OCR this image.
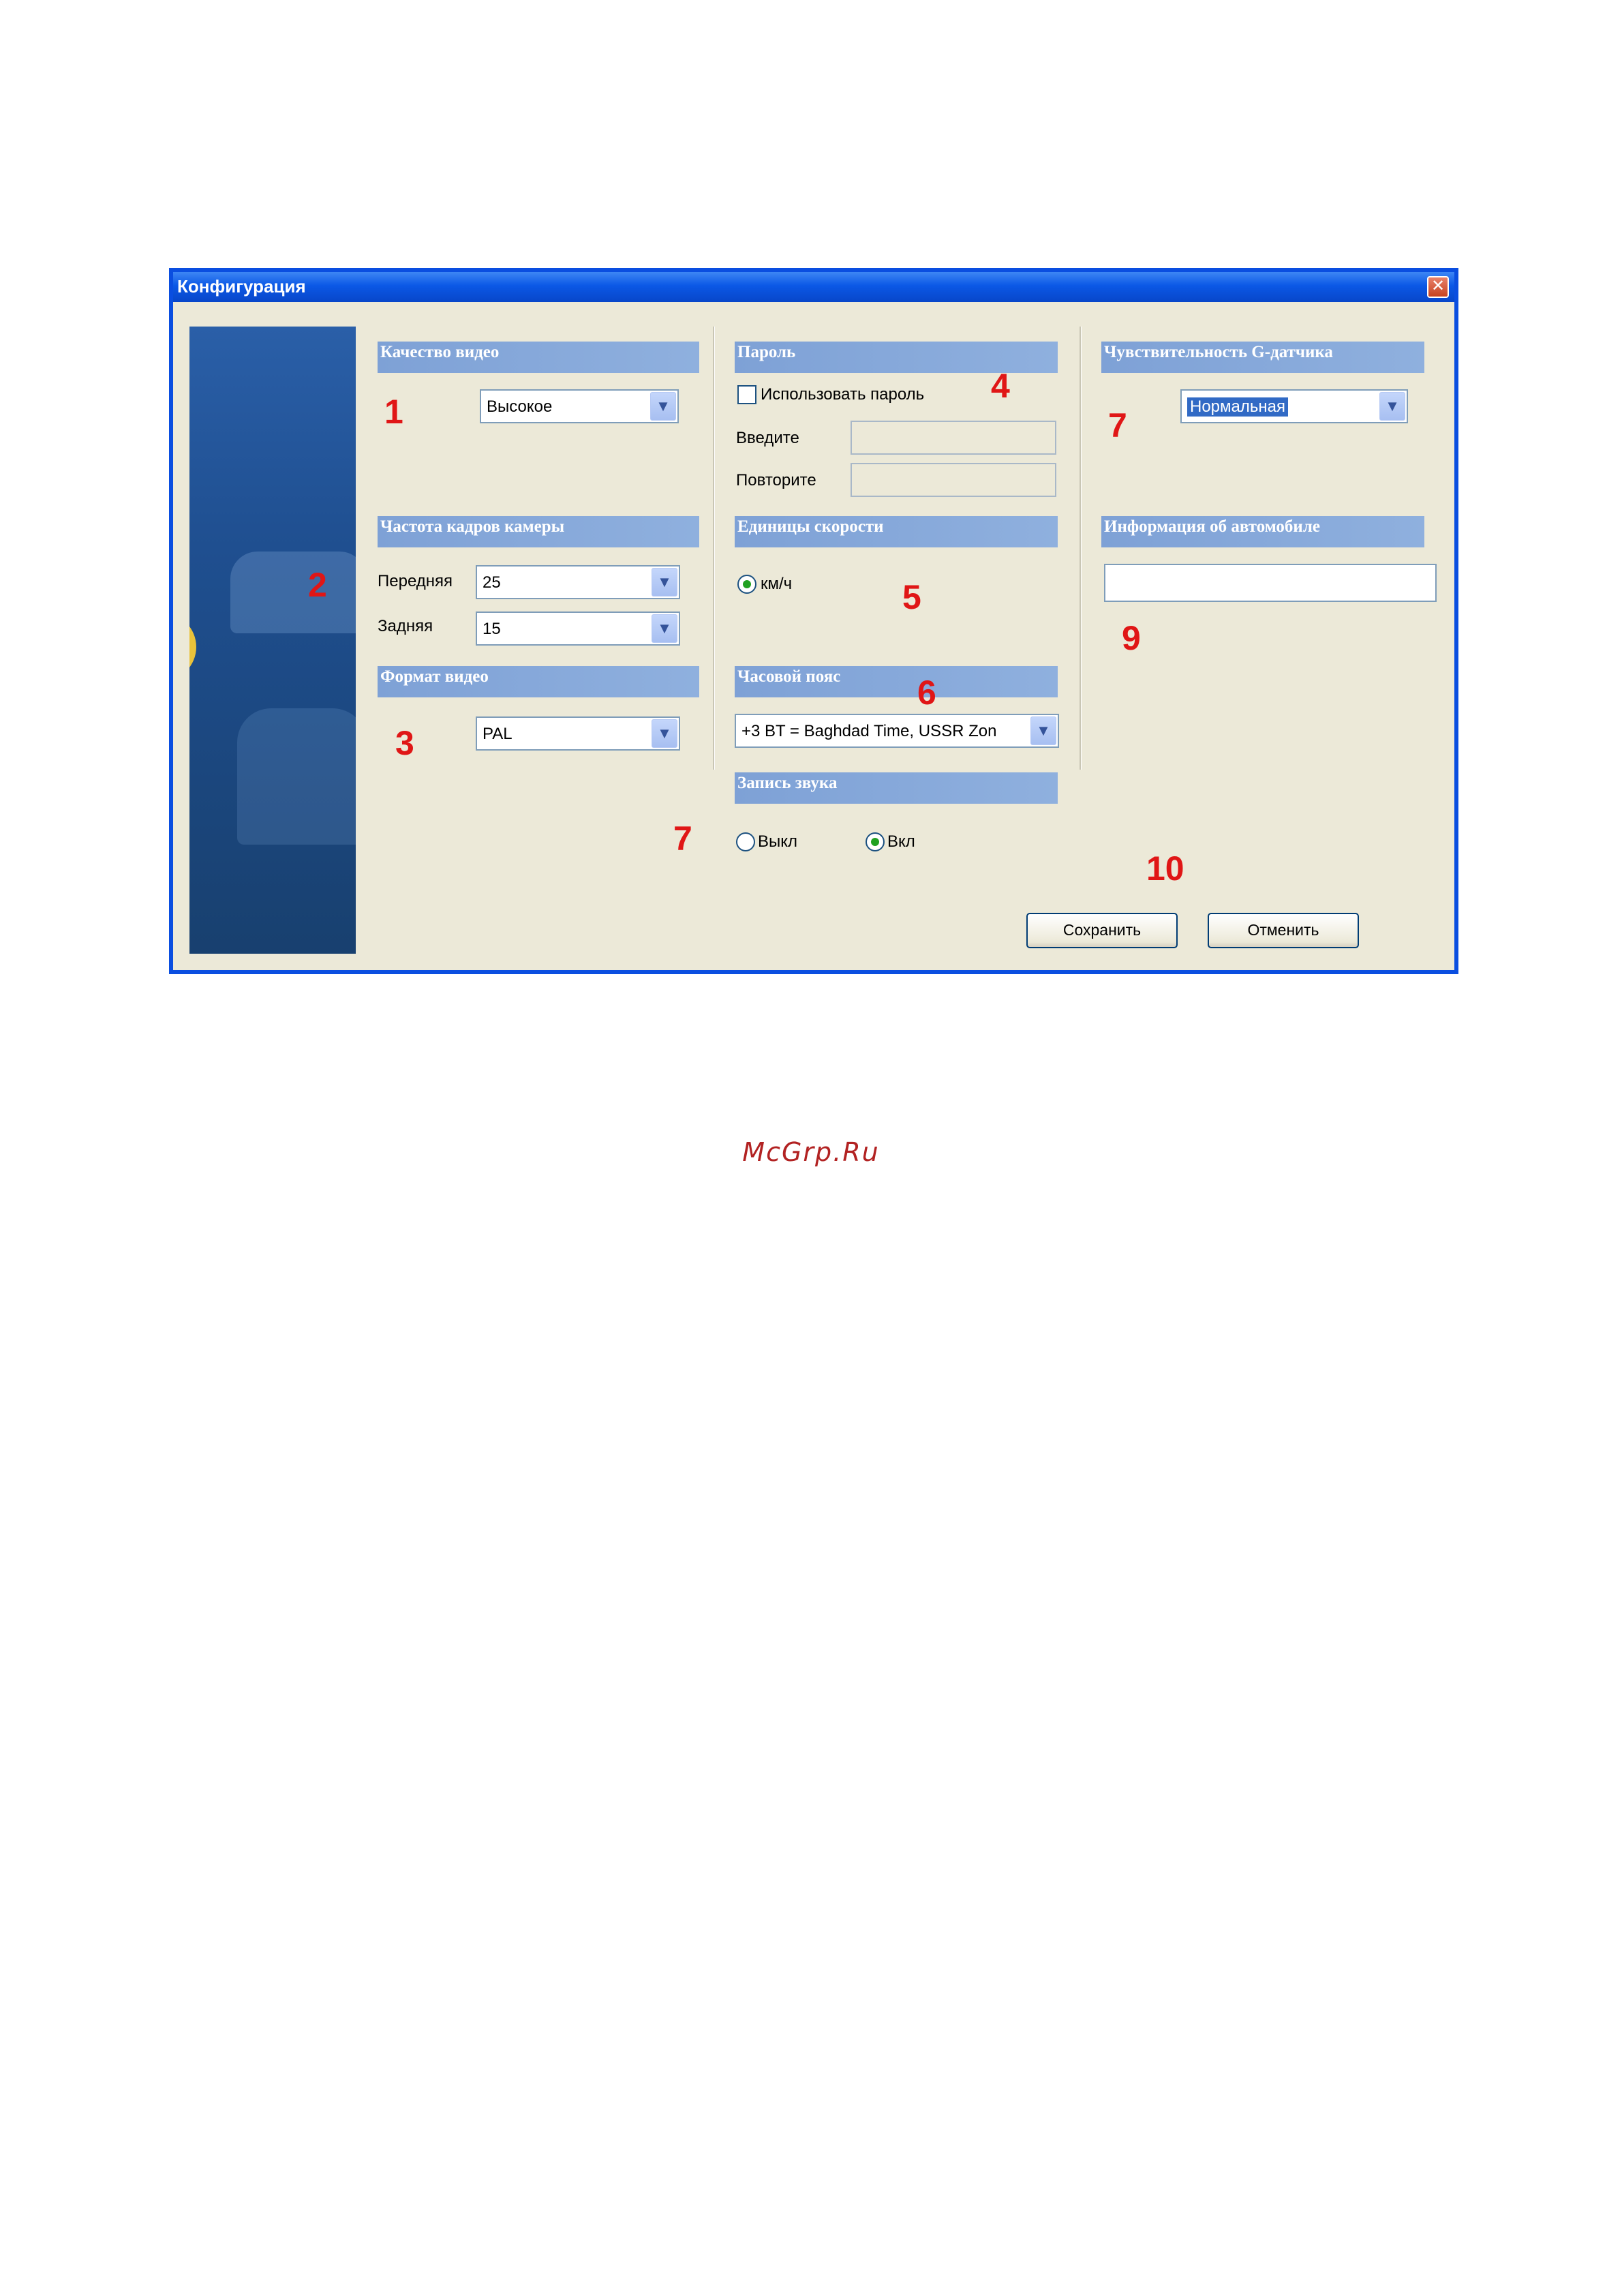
Конфигурация	✕
Качество видео
1	Высокое	▼
Частота кадров камеры
2	Передняя	25	▼
Задняя	15	▼
Формат видео
3	PAL	▼
Пароль
4
Использовать пароль
Введите
Повторите
Единицы скорости
км/ч	5
Часовой пояс	6
+3 BT = Baghdad Time, USSR Zon	▼
Запись звука
7	Выкл	Вкл
Чувствительность G-датчика
7	Нормальная	▼
Информация об автомобиле
9
10
Сохранить	Отменить
McGrp.Ru
